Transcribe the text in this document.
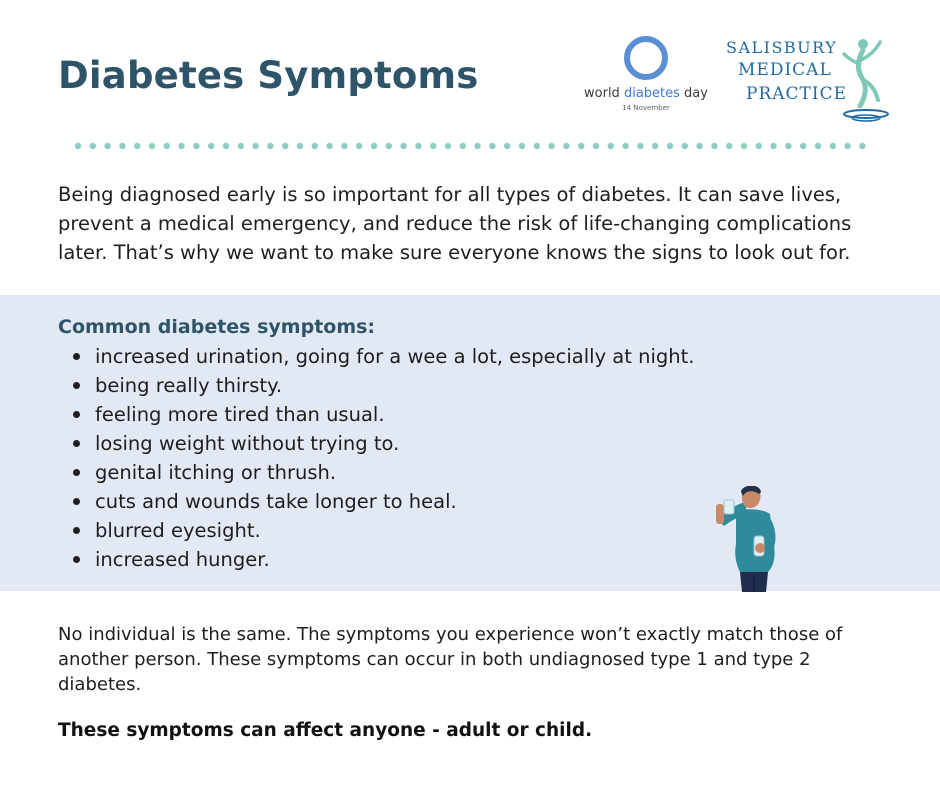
Diabetes Symptoms	world diabetes day
14 November
SALISBURY
MEDICAL
PRACTICE

Being diagnosed early is so important for all types of diabetes. It can save lives, prevent a medical emergency, and reduce the risk of life-changing complications later. That’s why we want to make sure everyone knows the signs to look out for.

Common diabetes symptoms:
increased urination, going for a wee a lot, especially at night.
being really thirsty.
feeling more tired than usual.
losing weight without trying to.
genital itching or thrush.
cuts and wounds take longer to heal.
blurred eyesight.
increased hunger.

No individual is the same. The symptoms you experience won’t exactly match those of another person. These symptoms can occur in both undiagnosed type 1 and type 2 diabetes.

These symptoms can affect anyone - adult or child.
